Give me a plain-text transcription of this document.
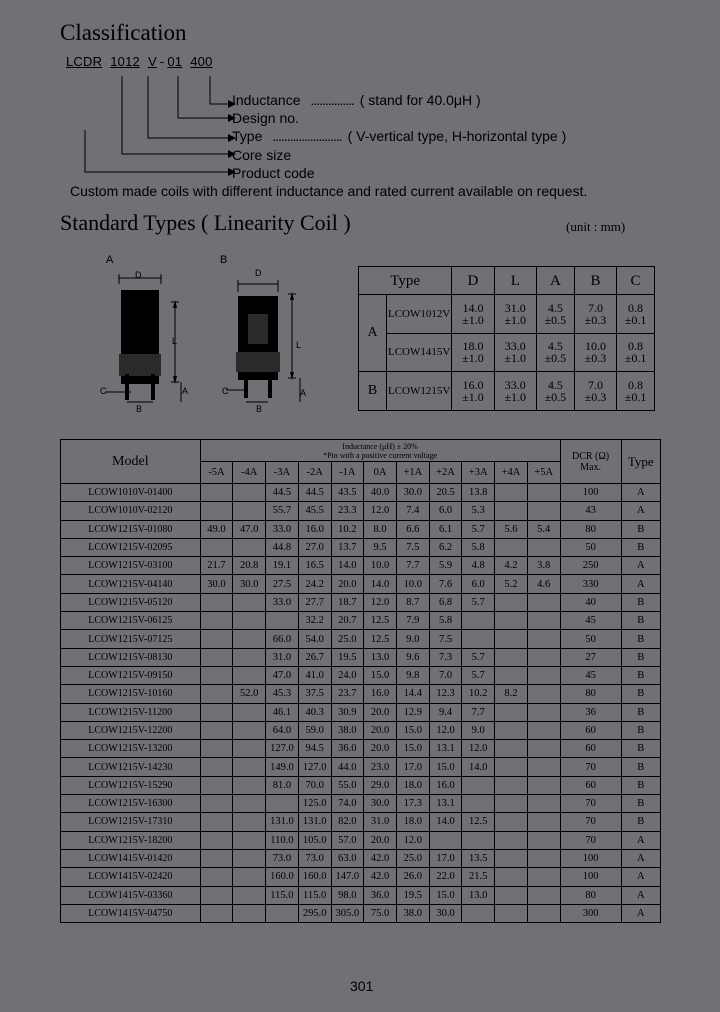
Classification
LCDR 1012 V - 01 400
Inductance ............... ( stand for 40.0μH )
Design no.
Type ........................ ( V-vertical type, H-horizontal type )
Core size
Product code
Custom made coils with different inductance and rated current available on request.
Standard Types ( Linearity Coil )	(unit : mm)
A	B
D
L
C
B
A
D
L
C
B
A
Type		D	L	A	B	C
A	LCOW1012V	14.0 ±1.0	31.0 ±1.0	4.5 ±0.5	7.0 ±0.3	0.8 ±0.1
	LCOW1415V	18.0 ±1.0	33.0 ±1.0	4.5 ±0.5	10.0 ±0.3	0.8 ±0.1
B	LCOW1215V	16.0 ±1.0	33.0 ±1.0	4.5 ±0.5	7.0 ±0.3	0.8 ±0.1
Model	Inductance (μH) ± 20%
*Pin with a positive current voltage											DCR (Ω) Max.	Type
	-5A	-4A	-3A	-2A	-1A	0A	+1A	+2A	+3A	+4A	+5A		
LCOW1010V-01400			44.5	44.5	43.5	40.0	30.0	20.5	13.8			100	A
LCOW1010V-02120			55.7	45.5	23.3	12.0	7.4	6.0	5.3			43	A
LCOW1215V-01080	49.0	47.0	33.0	16.0	10.2	8.0	6.6	6.1	5.7	5.6	5.4	80	B
LCOW1215V-02095			44.8	27.0	13.7	9.5	7.5	6.2	5.8			50	B
LCOW1215V-03100	21.7	20.8	19.1	16.5	14.0	10.0	7.7	5.9	4.8	4.2	3.8	250	A
LCOW1215V-04140	30.0	30.0	27.5	24.2	20.0	14.0	10.0	7.6	6.0	5.2	4.6	330	A
LCOW1215V-05120			33.0	27.7	18.7	12.0	8.7	6.8	5.7			40	B
LCOW1215V-06125				32.2	20.7	12.5	7.9	5.8				45	B
LCOW1215V-07125			66.0	54.0	25.0	12.5	9.0	7.5				50	B
LCOW1215V-08130			31.0	26.7	19.5	13.0	9.6	7.3	5.7			27	B
LCOW1215V-09150			47.0	41.0	24.0	15.0	9.8	7.0	5.7			45	B
LCOW1215V-10160		52.0	45.3	37.5	23.7	16.0	14.4	12.3	10.2	8.2		80	B
LCOW1215V-11200			46.1	40.3	30.9	20.0	12.9	9.4	7.7			36	B
LCOW1215V-12200			64.0	59.0	38.0	20.0	15.0	12.0	9.0			60	B
LCOW1215V-13200			127.0	94.5	36.0	20.0	15.0	13.1	12.0			60	B
LCOW1215V-14230			149.0	127.0	44.0	23.0	17.0	15.0	14.0			70	B
LCOW1215V-15290			81.0	70.0	55.0	29.0	18.0	16.0				60	B
LCOW1215V-16300				125.0	74.0	30.0	17.3	13.1				70	B
LCOW1215V-17310			131.0	131.0	82.0	31.0	18.0	14.0	12.5			70	B
LCOW1215V-18200			110.0	105.0	57.0	20.0	12.0					70	A
LCOW1415V-01420			73.0	73.0	63.0	42.0	25.0	17.0	13.5			100	A
LCOW1415V-02420			160.0	160.0	147.0	42.0	26.0	22.0	21.5			100	A
LCOW1415V-03360			115.0	115.0	98.0	36.0	19.5	15.0	13.0			80	A
LCOW1415V-04750				295.0	305.0	75.0	38.0	30.0				300	A
301
